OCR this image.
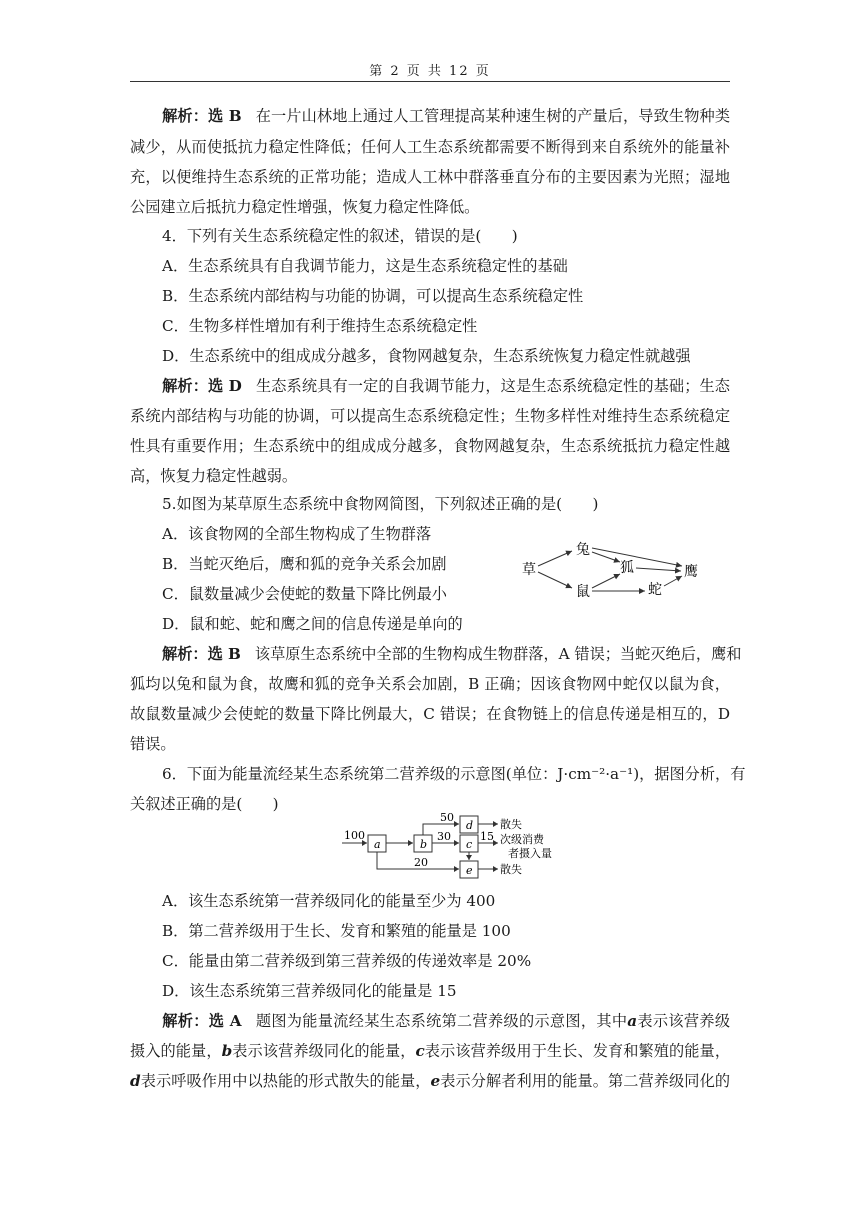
第 2 页 共 12 页
解析：选 B 在一片山林地上通过人工管理提高某种速生树的产量后，导致生物种类
减少，从而使抵抗力稳定性降低；任何人工生态系统都需要不断得到来自系统外的能量补
充，以便维持生态系统的正常功能；造成人工林中群落垂直分布的主要因素为光照；湿地
公园建立后抵抗力稳定性增强，恢复力稳定性降低。
4．下列有关生态系统稳定性的叙述，错误的是(　　)
A．生态系统具有自我调节能力，这是生态系统稳定性的基础
B．生态系统内部结构与功能的协调，可以提高生态系统稳定性
C．生物多样性增加有利于维持生态系统稳定性
D．生态系统中的组成成分越多，食物网越复杂，生态系统恢复力稳定性就越强
解析：选 D 生态系统具有一定的自我调节能力，这是生态系统稳定性的基础；生态
系统内部结构与功能的协调，可以提高生态系统稳定性；生物多样性对维持生态系统稳定
性具有重要作用；生态系统中的组成成分越多，食物网越复杂，生态系统抵抗力稳定性越
高，恢复力稳定性越弱。
5.如图为某草原生态系统中食物网简图，下列叙述正确的是(　　)
A．该食物网的全部生物构成了生物群落
B．当蛇灭绝后，鹰和狐的竞争关系会加剧
C．鼠数量减少会使蛇的数量下降比例最小
D．鼠和蛇、蛇和鹰之间的信息传递是单向的
草
兔
鼠
狐
蛇
鹰
解析：选 B 该草原生态系统中全部的生物构成生物群落，A 错误；当蛇灭绝后，鹰和
狐均以兔和鼠为食，故鹰和狐的竞争关系会加剧，B 正确；因该食物网中蛇仅以鼠为食，
故鼠数量减少会使蛇的数量下降比例最大，C 错误；在食物链上的信息传递是相互的，D
错误。
6．下面为能量流经某生态系统第二营养级的示意图(单位：J·cm⁻²·a⁻¹)，据图分析，有
关叙述正确的是(　　)
a	b
d
c
e
100
50
30	15
20
散失
次级消费
者摄入量
散失
A．该生态系统第一营养级同化的能量至少为 400
B．第二营养级用于生长、发育和繁殖的能量是 100
C．能量由第二营养级到第三营养级的传递效率是 20%
D．该生态系统第三营养级同化的能量是 15
解析：选 A 题图为能量流经某生态系统第二营养级的示意图，其中a表示该营养级
摄入的能量，b表示该营养级同化的能量，c表示该营养级用于生长、发育和繁殖的能量，
d表示呼吸作用中以热能的形式散失的能量，e表示分解者利用的能量。第二营养级同化的
